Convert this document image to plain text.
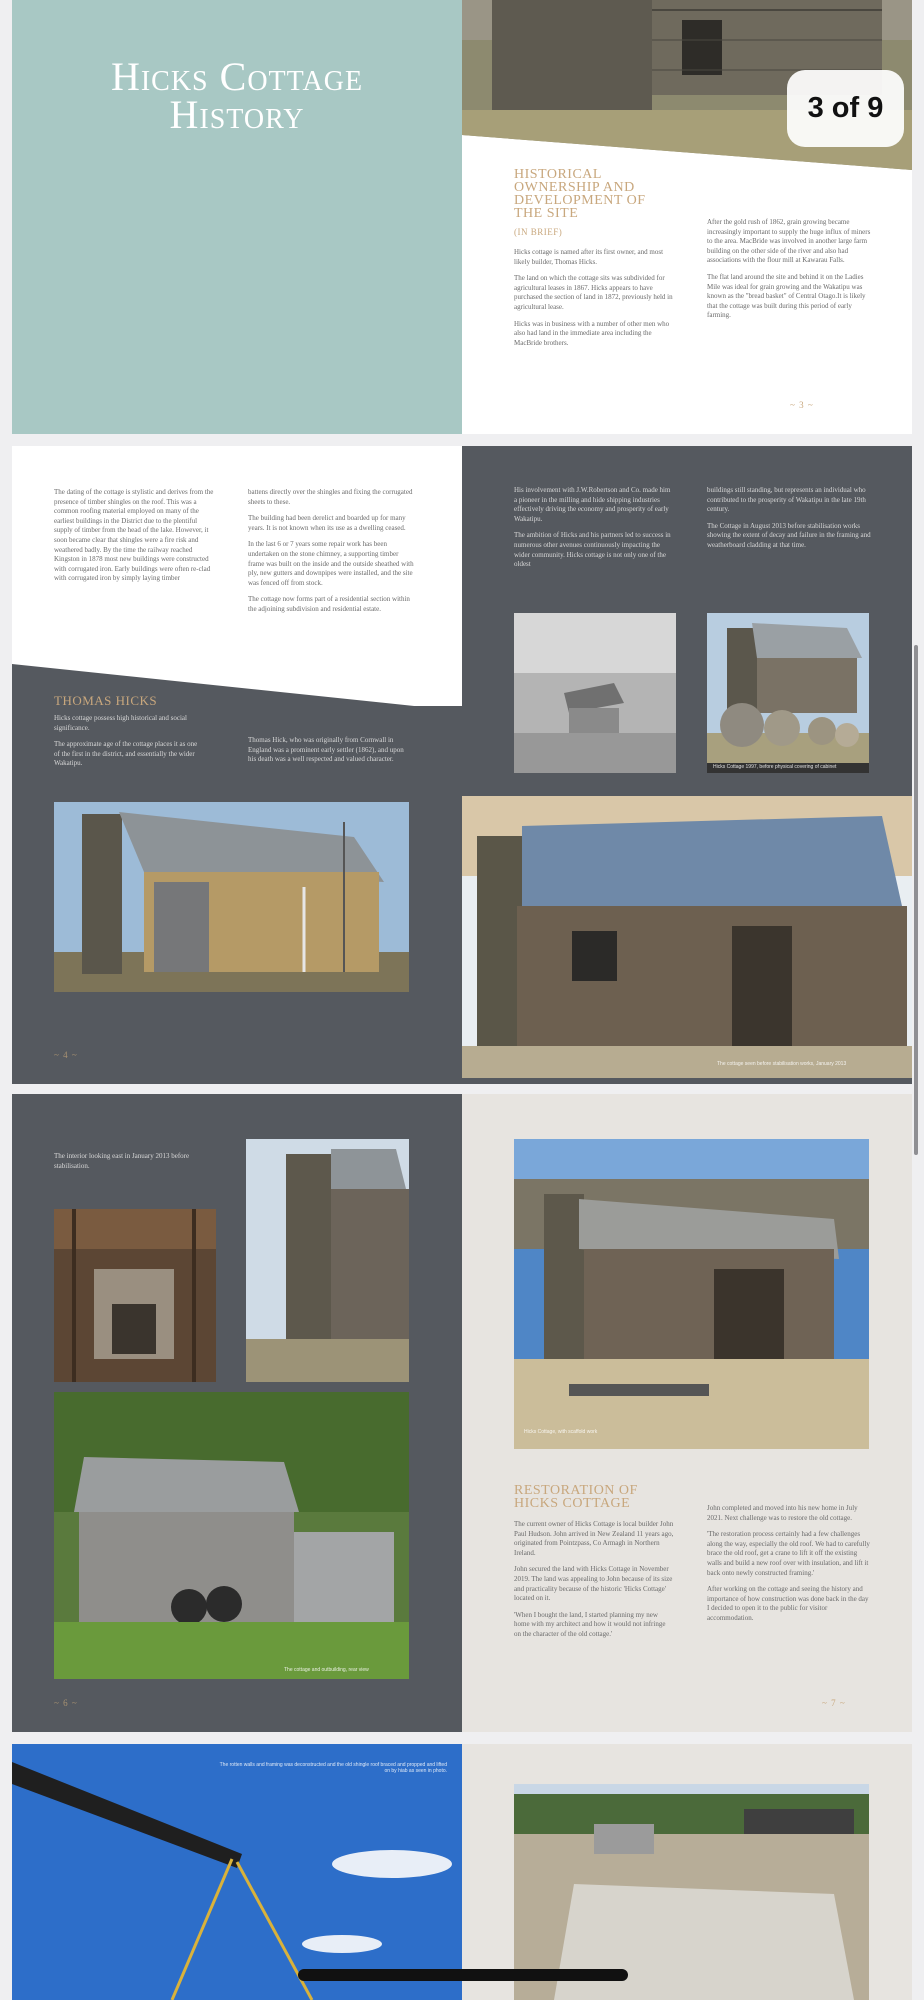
Hicks Cottage History
HISTORICAL OWNERSHIP AND DEVELOPMENT OF THE SITE
(IN BRIEF)

Hicks cottage is named after its first owner, and most likely builder, Thomas Hicks.

The land on which the cottage sits was subdivided for agricultural leases in 1867. Hicks appears to have purchased the section of land in 1872, previously held in agricultural lease.

Hicks was in business with a number of other men who also had land in the immediate area including the MacBride brothers.

After the gold rush of 1862, grain growing became increasingly important to supply the huge influx of miners to the area. MacBride was involved in another large farm building on the other side of the river and also had associations with the flour mill at Kawarau Falls.

The flat land around the site and behind it on the Ladies Mile was ideal for grain growing and the Wakatipu was known as the "bread basket" of Central Otago.It is likely that the cottage was built during this period of early farming.

~ 3 ~
3 of 9

The dating of the cottage is stylistic and derives from the presence of timber shingles on the roof. This was a common roofing material employed on many of the earliest buildings in the District due to the plentiful supply of timber from the head of the lake. However, it soon became clear that shingles were a fire risk and weathered badly. By the time the railway reached Kingston in 1878 most new buildings were constructed with corrugated iron. Early buildings were often re-clad with corrugated iron by simply laying timber

battens directly over the shingles and fixing the corrugated sheets to these.

The building had been derelict and boarded up for many years. It is not known when its use as a dwelling ceased.

In the last 6 or 7 years some repair work has been undertaken on the stone chimney, a supporting timber frame was built on the inside and the outside sheathed with ply, new gutters and downpipes were installed, and the site was fenced off from stock.

The cottage now forms part of a residential section within the adjoining subdivision and residential estate.

THOMAS HICKS

Hicks cottage possess high historical and social significance.

The approximate age of the cottage places it as one of the first in the district, and essentially the wider Wakatipu.

Thomas Hick, who was originally from Cornwall in England was a prominent early settler (1862), and upon his death was a well respected and valued character.

~ 4 ~

His involvement with J.W.Robertson and Co. made him a pioneer in the milling and hide shipping industries effectively driving the economy and prosperity of early Wakatipu.

The ambition of Hicks and his partners led to success in numerous other avenues continuously impacting the wider community. Hicks cottage is not only one of the oldest

buildings still standing, but represents an individual who contributed to the prosperity of Wakatipu in the late 19th century.

The Cottage in August 2013 before stabilisation works showing the extent of decay and failure in the framing and weatherboard cladding at that time.

Hicks Cottage 1997, before physical covering of cabinet
The cottage seen before stabilisation works, January 2013
The interior looking east in January 2013 before stabilisation.
The cottage and outbuilding, rear view
~ 6 ~
Hicks Cottage, with scaffold work
RESTORATION OF HICKS COTTAGE

The current owner of Hicks Cottage is local builder John Paul Hudson. John arrived in New Zealand 11 years ago, originated from Pointzpass, Co Armagh in Northern Ireland.

John secured the land with Hicks Cottage in November 2019. The land was appealing to John because of its size and practicality because of the historic 'Hicks Cottage' located on it.

'When I bought the land, I started planning my new home with my architect and how it would not infringe on the character of the old cottage.'

John completed and moved into his new home in July 2021. Next challenge was to restore the old cottage.

'The restoration process certainly had a few challenges along the way, especially the old roof. We had to carefully brace the old roof, get a crane to lift it off the existing walls and build a new roof over with insulation, and lift it back onto newly constructed framing.'

After working on the cottage and seeing the history and importance of how construction was done back in the day I decided to open it to the public for visitor accommodation.

~ 7 ~
The rotten walls and framing was deconstructed and the old shingle roof braced and propped and lifted on by hiab as seen in photo.
